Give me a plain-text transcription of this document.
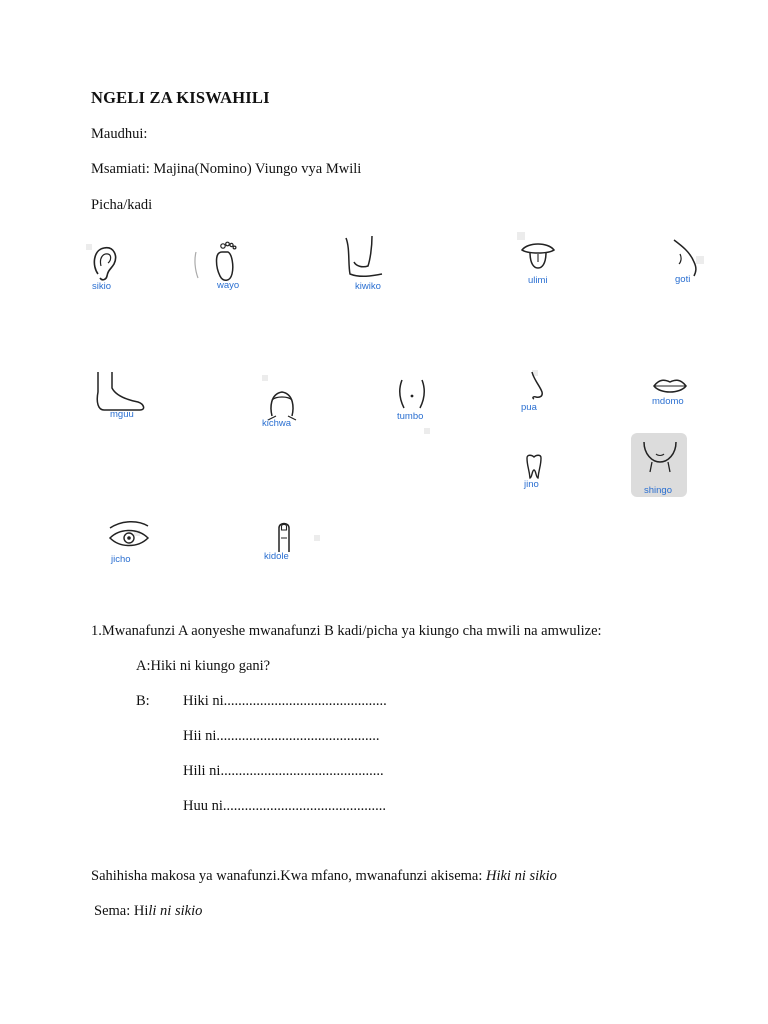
NGELI ZA KISWAHILI
Maudhui:
Msamiati: Majina(Nomino) Viungo vya Mwili
Picha/kadi
sikio	wayo	kiwiko
ulimi	goti
mguu
kichwa
tumbo
pua
mdomo
jino
shingo
jicho	kidole
1.Mwanafunzi A aonyeshe mwanafunzi B kadi/picha ya kiungo cha mwili na amwulize:
A:Hiki ni kiungo gani?
B: Hiki ni.............................................
Hii ni.............................................
Hili ni.............................................
Huu ni.............................................
Sahihisha makosa ya wanafunzi.Kwa mfano, mwanafunzi akisema: Hiki ni sikio
Sema: Hili ni sikio
